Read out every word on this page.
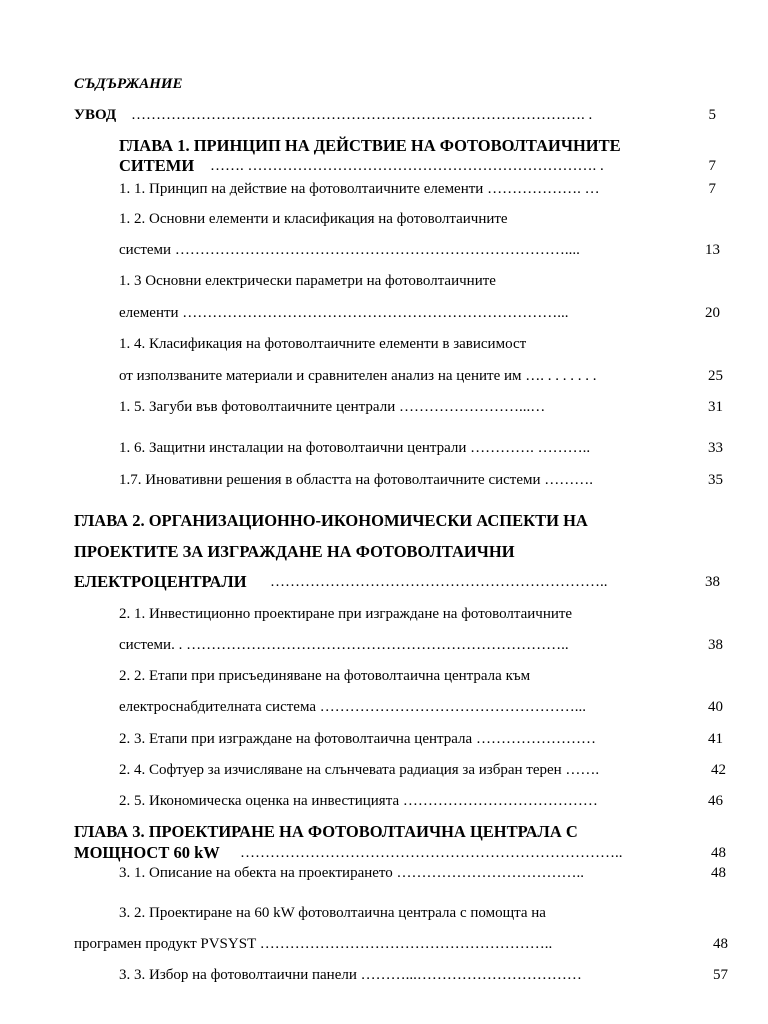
СЪДЪРЖАНИЕ
УВОД ………………………………………………………………………………. .	5
ГЛАВА 1. ПРИНЦИП НА ДЕЙСТВИЕ НА ФОТОВОЛТАИЧНИТЕ
СИТЕМИ ……. ……………………………………………………………. .	7
1. 1. Принцип на действие на фотоволтаичните елементи ………………. …	7
1. 2. Основни елементи и класификация на фотоволтаичните
системи ……………………………………………………………………....	13
1. 3 Основни електрически параметри на фотоволтаичните
елементи …………………………………………………………………...	20
1. 4. Класификация на фотоволтаичните елементи в зависимост
от използваните материали и сравнителен анализ на цените им …. . . . . . . .	25
1. 5. Загуби във фотоволтаичните централи ……………………...…	31
1. 6. Защитни инсталации на фотоволтаични централи …………. ………..	33
1.7. Иновативни решения в областта на фотоволтаичните системи ……….	35
ГЛАВА 2. ОРГАНИЗАЦИОННО-ИКОНОМИЧЕСКИ АСПЕКТИ НА
ПРОЕКТИТЕ ЗА ИЗГРАЖДАНЕ НА ФОТОВОЛТАИЧНИ
ЕЛЕКТРОЦЕНТРАЛИ …………………………………………………………..	38
2. 1. Инвестиционно проектиране при изграждане на фотоволтаичните
системи. . …………………………………………………………………..	38
2. 2. Етапи при присъединяване на фотоволтаична централа към
електроснабдителната система ……………………………………………...	40
2. 3. Етапи при изграждане на фотоволтаична централа ……………………	41
2. 4. Софтуер за изчисляване на слънчевата радиация за избран терен …….	42
2. 5. Икономическа оценка на инвестицията …………………………………	46
ГЛАВА 3. ПРОЕКТИРАНЕ НА ФОТОВОЛТАИЧНА ЦЕНТРАЛА С
МОЩНОСТ 60 kW …………………………………………………………………..	48
3. 1. Описание на обекта на проектирането ………………………………..	48
3. 2. Проектиране на 60 kW фотоволтаична централа с помощта на
програмен продукт PVSYST …………………………………………………..	48
3. 3. Избор на фотоволтаични панели ………...……………………………	57
